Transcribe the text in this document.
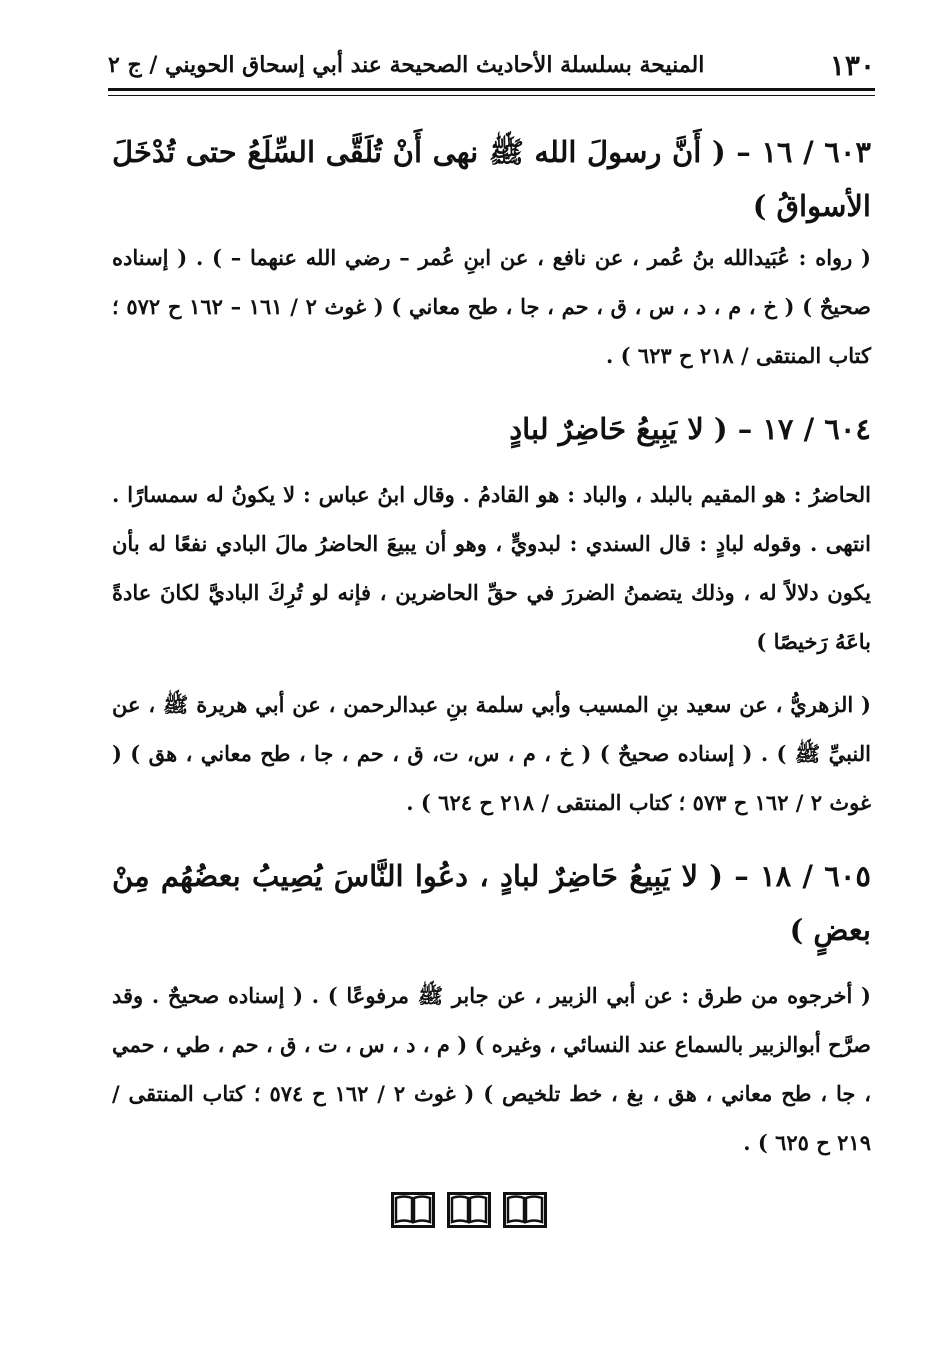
١٣٠
المنيحة بسلسلة الأحاديث الصحيحة عند أبي إسحاق الحويني / ج ٢

٦٠٣ / ١٦ – ( أَنَّ رسولَ الله ﷺ نهى أَنْ تُلَقَّى السِّلَعُ حتى تُدْخَلَ الأسواقُ )

( رواه : عُبَيدالله بنُ عُمر ، عن نافع ، عن ابنِ عُمر – رضي الله عنهما – ) . ( إسناده صحيحٌ ) ( خ ، م ، د ، س ، ق ، حم ، جا ، طح معاني ) ( غوث ٢ / ١٦١ – ١٦٢ ح ٥٧٢ ؛ كتاب المنتقى / ٢١٨ ح ٦٢٣ ) .

٦٠٤ / ١٧ – ( لا يَبِيعُ حَاضِرٌ لبادٍ

الحاضرُ : هو المقيم بالبلد ، والباد : هو القادمُ . وقال ابنُ عباس : لا يكونُ له سمسارًا . انتهى . وقوله لبادٍ : قال السندي : لبدويٍّ ، وهو أن يبيعَ الحاضرُ مالَ البادي نفعًا له بأن يكون دلالاً له ، وذلك يتضمنُ الضررَ في حقِّ الحاضرين ، فإنه لو تُرِكَ الباديَّ لكانَ عادةً باعَهُ رَخيصًا )

( الزهريُّ ، عن سعيد بنِ المسيب وأبي سلمة بنِ عبدالرحمن ، عن أبي هريرة ﷺ ، عن النبيِّ ﷺ ) . ( إسناده صحيحٌ ) ( خ ، م ، س، ت، ق ، حم ، جا ، طح معاني ، هق ) ( غوث ٢ / ١٦٢ ح ٥٧٣ ؛ كتاب المنتقى / ٢١٨ ح ٦٢٤ ) .

٦٠٥ / ١٨ – ( لا يَبِيعُ حَاضِرٌ لبادٍ ، دعُوا النَّاسَ يُصِيبُ بعضُهُم مِنْ بعضٍ )

( أخرجوه من طرق : عن أبي الزبير ، عن جابر ﷺ مرفوعًا ) . ( إسناده صحيحٌ . وقد صرَّح أبوالزبير بالسماع عند النسائي ، وغيره ) ( م ، د ، س ، ت ، ق ، حم ، طي ، حمي ، جا ، طح معاني ، هق ، بغ ، خط تلخيص ) ( غوث ٢ / ١٦٢ ح ٥٧٤ ؛ كتاب المنتقى / ٢١٩ ح ٦٢٥ ) .
